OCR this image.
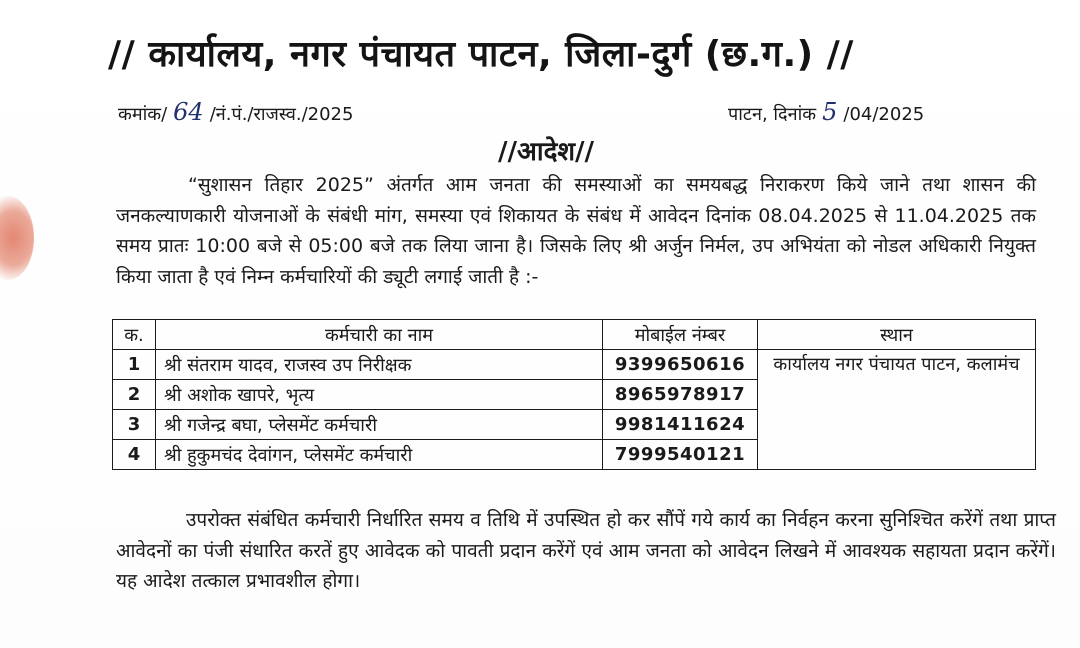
// कार्यालय, नगर पंचायत पाटन, जिला-दुर्ग (छ.ग.) //
कमांक/ 64 /नं.पं./राजस्व./2025	पाटन, दिनांक 5 /04/2025
//आदेश//
“सुशासन तिहार 2025” अंतर्गत आम जनता की समस्याओं का समयबद्ध निराकरण किये जाने तथा शासन की जनकल्याणकारी योजनाओं के संबंधी मांग, समस्या एवं शिकायत के संबंध में आवेदन दिनांक 08.04.2025 से 11.04.2025 तक समय प्रातः 10:00 बजे से 05:00 बजे तक लिया जाना है। जिसके लिए श्री अर्जुन निर्मल, उप अभियंता को नोडल अधिकारी नियुक्त किया जाता है एवं निम्न कर्मचारियों की ड्यूटी लगाई जाती है :-
क.	कर्मचारी का नाम	मोबाईल नंम्बर	स्थान
1	श्री संतराम यादव, राजस्व उप निरीक्षक	9399650616	कार्यालय नगर पंचायत पाटन, कलामंच
2	श्री अशोक खापरे, भृत्य	8965978917	
3	श्री गजेन्द्र बघा, प्लेसमेंट कर्मचारी	9981411624	
4	श्री हुकुमचंद देवांगन, प्लेसमेंट कर्मचारी	7999540121	
उपरोक्त संबंधित कर्मचारी निर्धारित समय व तिथि में उपस्थित हो कर सौंपें गये कार्य का निर्वहन करना सुनिश्चित करेंगें तथा प्राप्त आवेदनों का पंजी संधारित करतें हुए आवेदक को पावती प्रदान करेंगें एवं आम जनता को आवेदन लिखने में आवश्यक सहायता प्रदान करेंगें। यह आदेश तत्काल प्रभावशील होगा।
